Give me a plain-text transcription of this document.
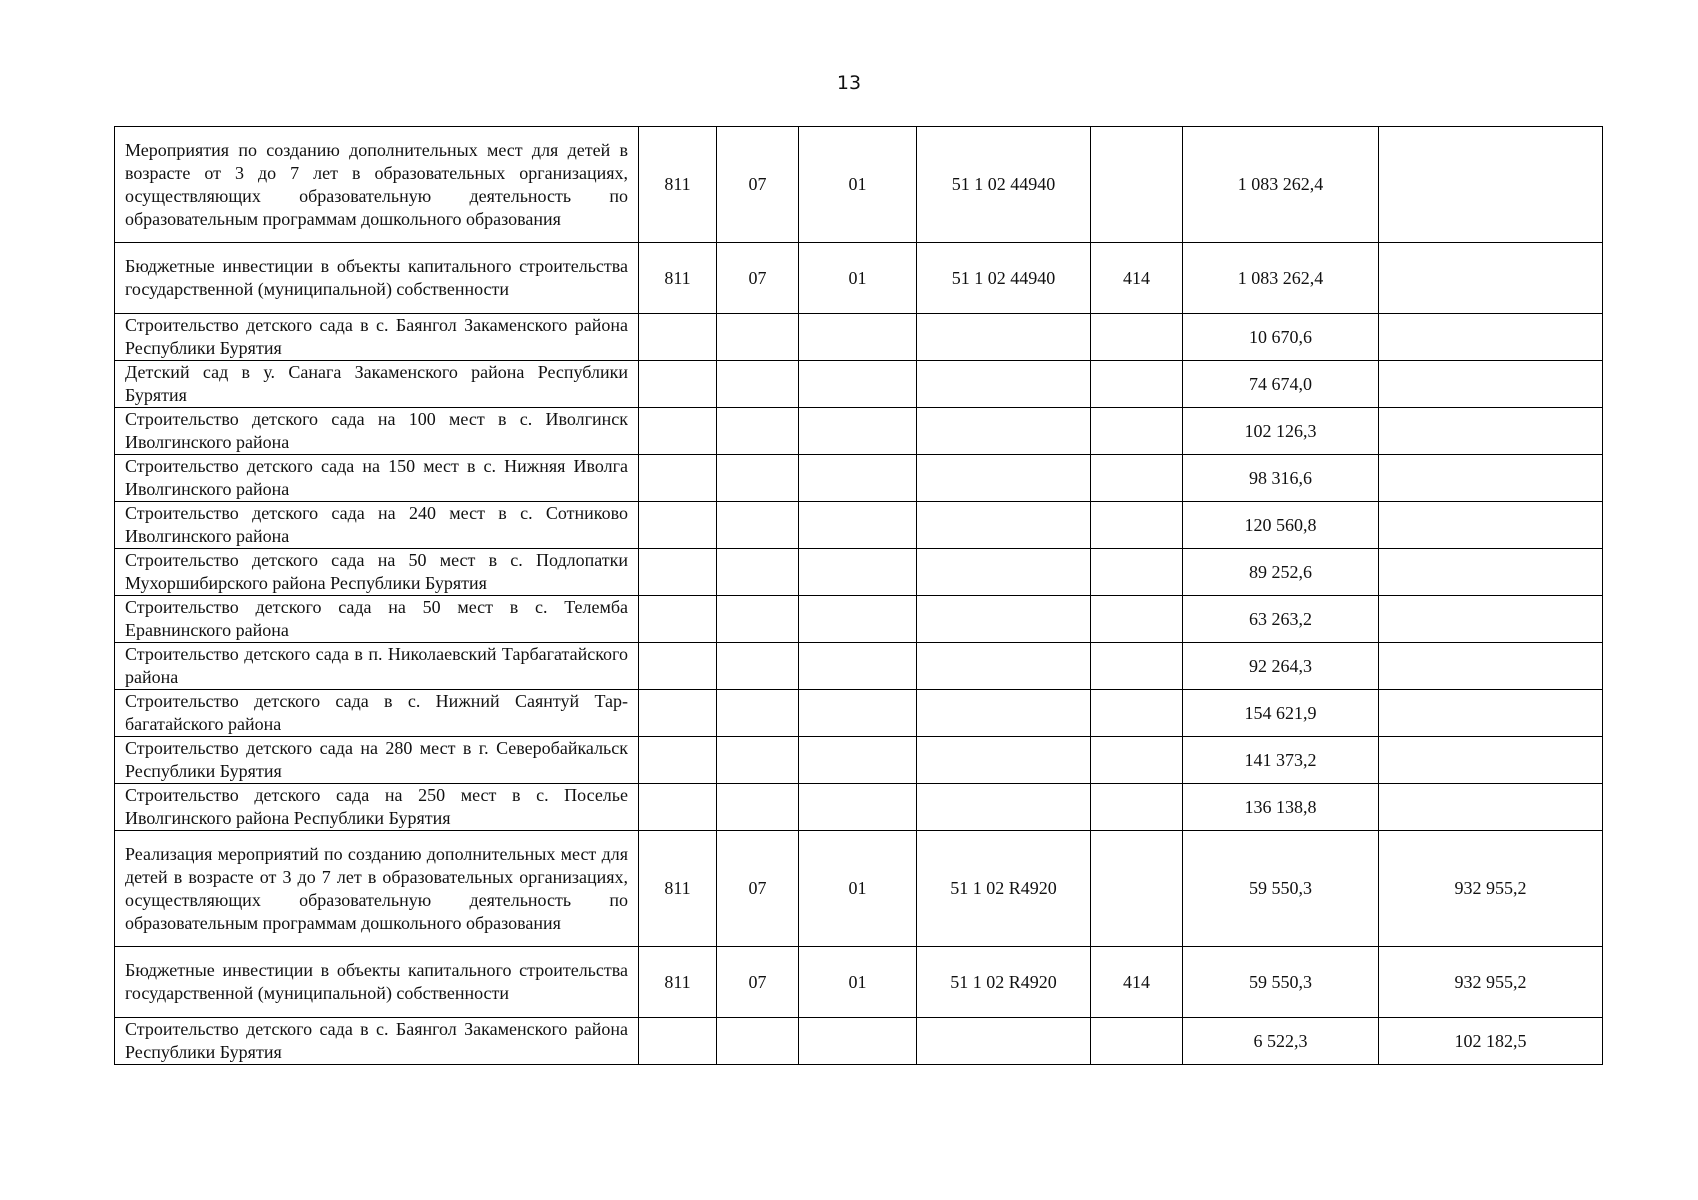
13
Мероприятия по созданию дополнительных мест для детей в возрасте от 3 до 7 лет в образовательных организациях, осуществляющих образовательную деятельность по образовательным программам дошкольного образования	811	07	01	51 1 02 44940		1 083 262,4	
Бюджетные инвестиции в объекты капитального строительства государственной (муниципальной) собственности	811	07	01	51 1 02 44940	414	1 083 262,4	
Строительство детского сада в с. Баянгол Закаменского района Республики Бурятия						10 670,6	
Детский сад в у. Санага Закаменского района Республики Бурятия						74 674,0	
Строительство детского сада на 100 мест в с. Иволгинск Иволгинского района						102 126,3	
Строительство детского сада на 150 мест в с. Нижняя Иволга Иволгинского района						98 316,6	
Строительство детского сада на 240 мест в с. Сотниково Иволгинского района						120 560,8	
Строительство детского сада на 50 мест в с. Подлопатки Мухоршибирского района Республики Бурятия						89 252,6	
Строительство детского сада на 50 мест в с. Телемба Еравнинского района						63 263,2	
Строительство детского сада в п. Николаевский Тарбагатайского района						92 264,3	
Строительство детского сада в с. Нижний Саянтуй Тарбагатайского района						154 621,9	
Строительство детского сада на 280 мест в г. Северобайкальск Республики Бурятия						141 373,2	
Строительство детского сада на 250 мест в с. Поселье Иволгинского района Республики Бурятия						136 138,8	
Реализация мероприятий по созданию дополнительных мест для детей в возрасте от 3 до 7 лет в образовательных организациях, осуществляющих образовательную деятельность по образовательным программам дошкольного образования	811	07	01	51 1 02 R4920		59 550,3	932 955,2
Бюджетные инвестиции в объекты капитального строительства государственной (муниципальной) собственности	811	07	01	51 1 02 R4920	414	59 550,3	932 955,2
Строительство детского сада в с. Баянгол Закаменского района Республики Бурятия						6 522,3	102 182,5
